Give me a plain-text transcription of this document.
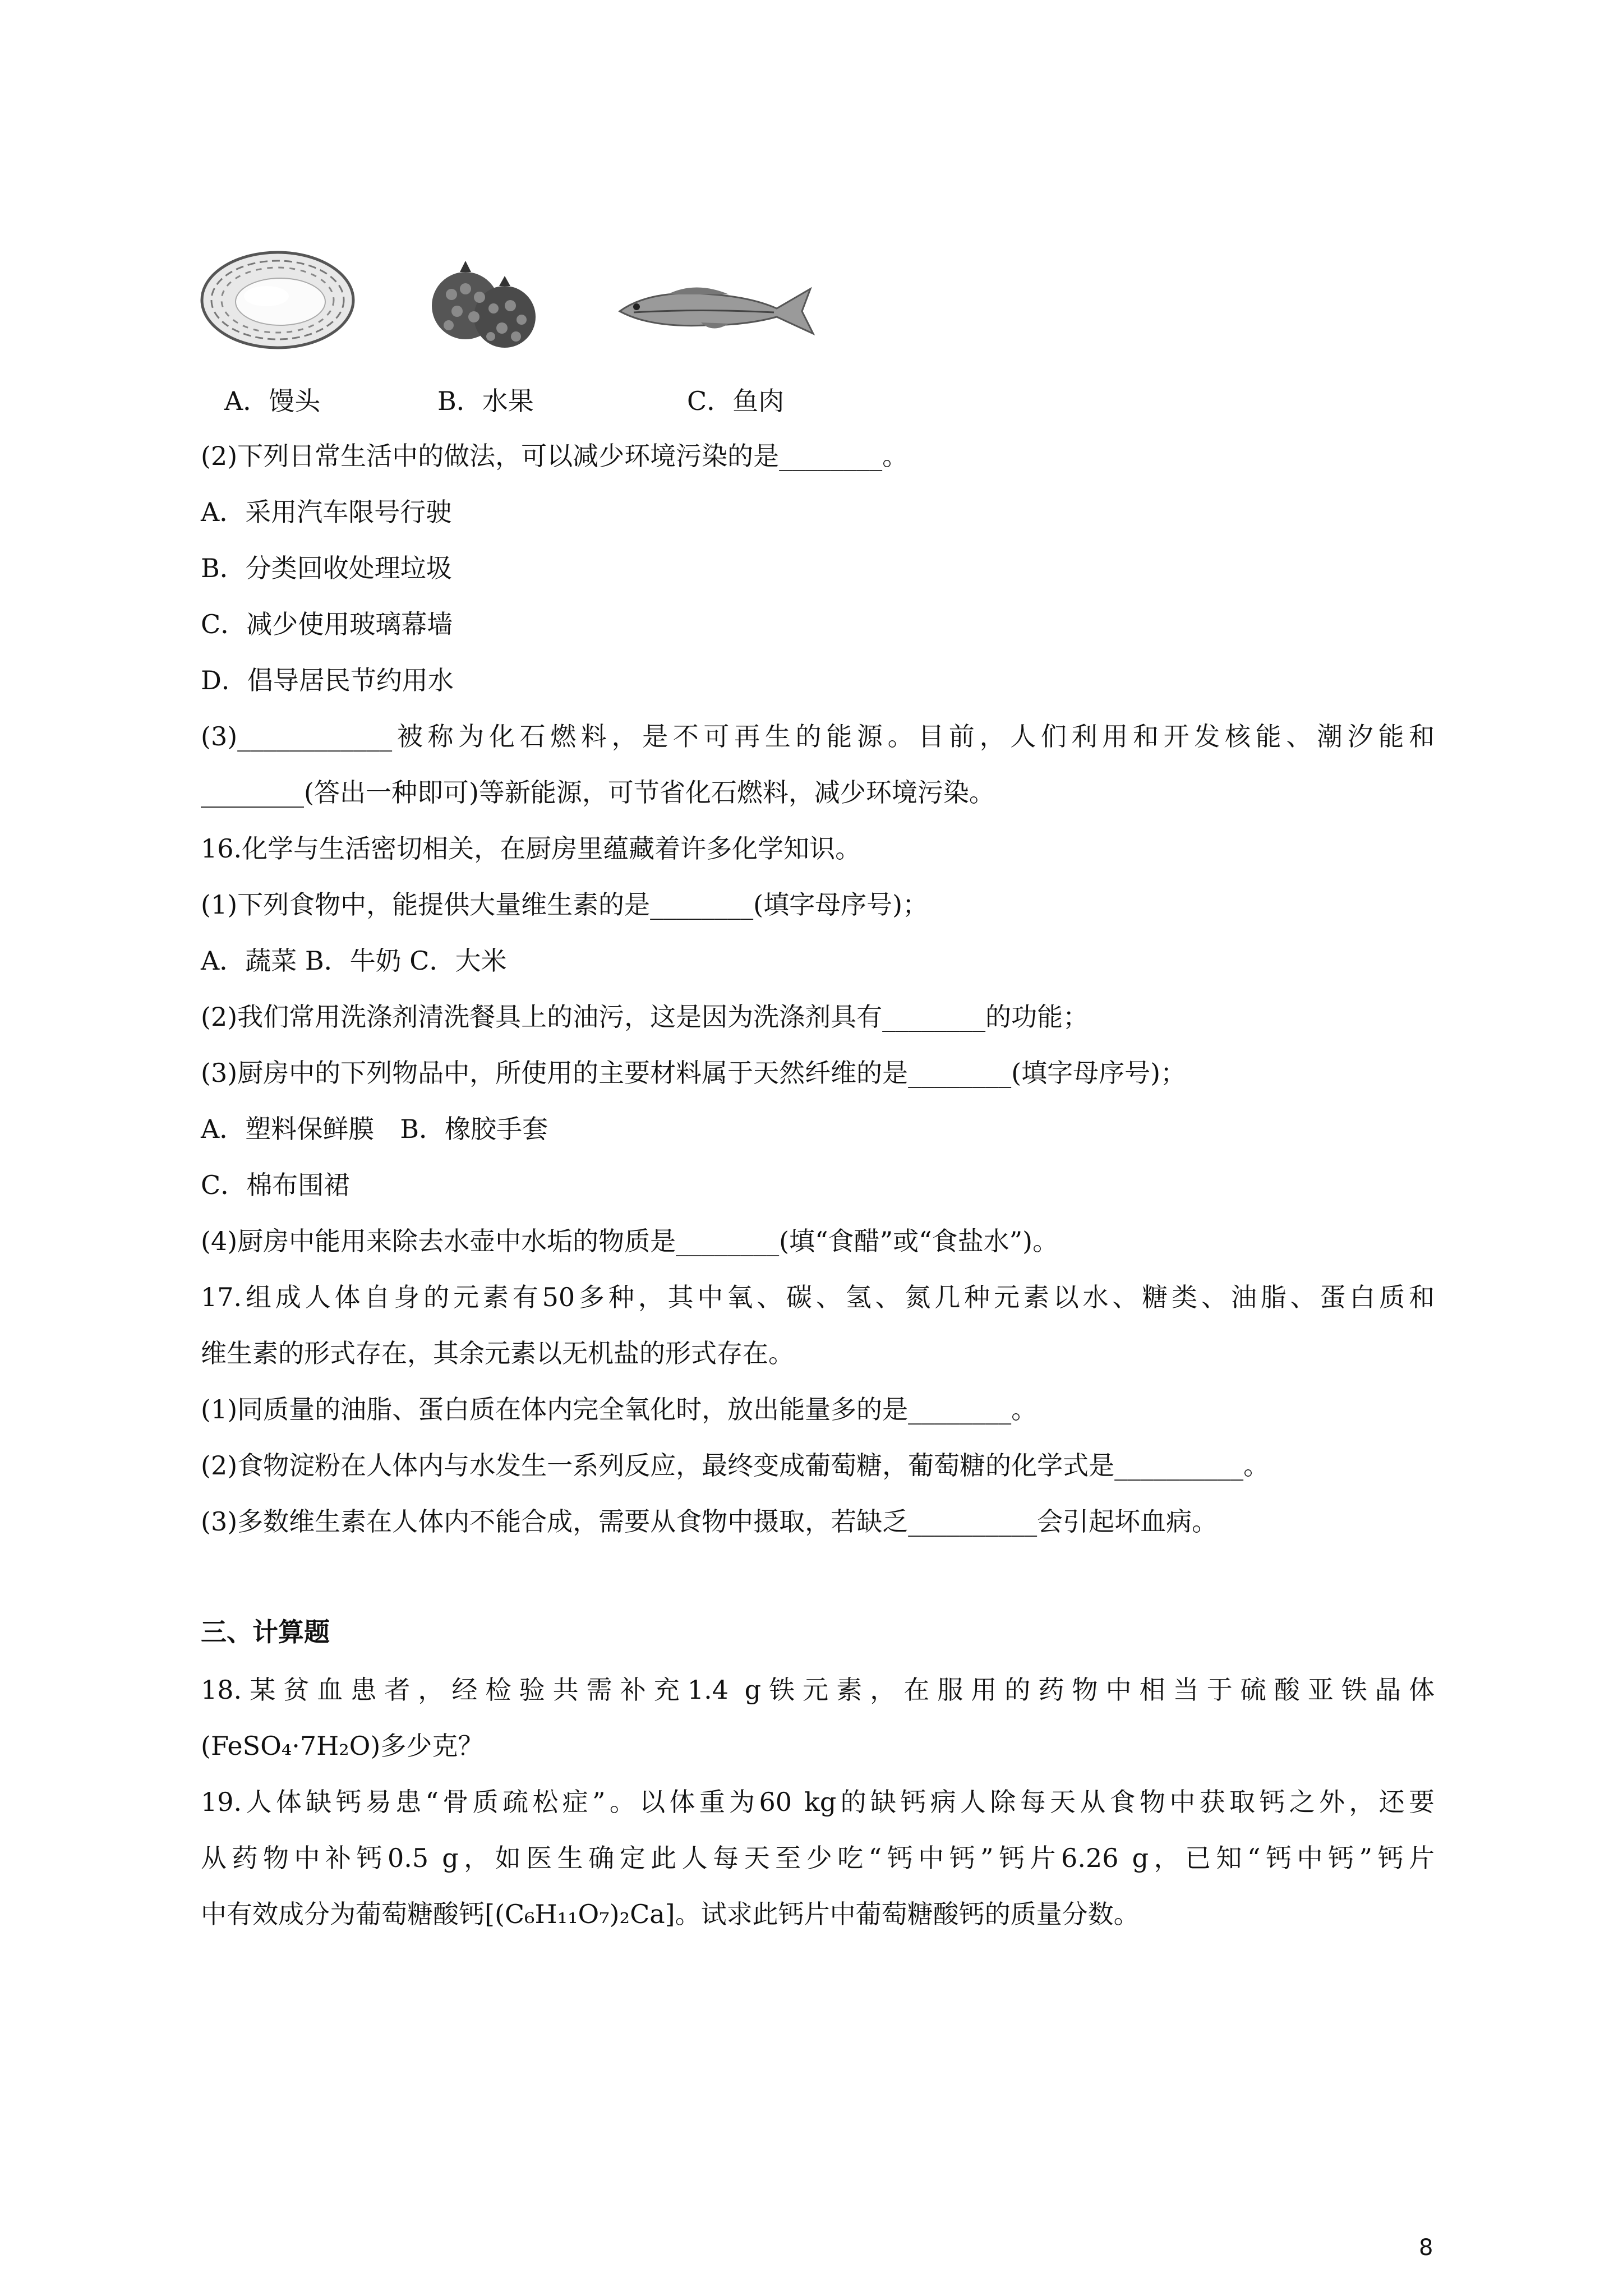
A．馒头	B．水果	C．鱼肉
(2)下列日常生活中的做法，可以减少环境污染的是________。
A．采用汽车限号行驶
B．分类回收处理垃圾
C．减少使用玻璃幕墙
D．倡导居民节约用水
(3)____________被称为化石燃料，是不可再生的能源。目前，人们利用和开发核能、潮汐能和
________(答出一种即可)等新能源，可节省化石燃料，减少环境污染。
16.化学与生活密切相关，在厨房里蕴藏着许多化学知识。
(1)下列食物中，能提供大量维生素的是________(填字母序号)；
A．蔬菜 B．牛奶 C．大米
(2)我们常用洗涤剂清洗餐具上的油污，这是因为洗涤剂具有________的功能；
(3)厨房中的下列物品中，所使用的主要材料属于天然纤维的是________(填字母序号)；
A．塑料保鲜膜　B．橡胶手套
C．棉布围裙
(4)厨房中能用来除去水壶中水垢的物质是________(填“食醋”或“食盐水”)。
17.组成人体自身的元素有50多种，其中氧、碳、氢、氮几种元素以水、糖类、油脂、蛋白质和
维生素的形式存在，其余元素以无机盐的形式存在。
(1)同质量的油脂、蛋白质在体内完全氧化时，放出能量多的是________。
(2)食物淀粉在人体内与水发生一系列反应，最终变成葡萄糖，葡萄糖的化学式是__________。
(3)多数维生素在人体内不能合成，需要从食物中摄取，若缺乏__________会引起坏血病。
三、计算题
18.某贫血患者，经检验共需补充1.4 g铁元素，在服用的药物中相当于硫酸亚铁晶体
(FeSO₄·7H₂O)多少克？
19.人体缺钙易患“骨质疏松症”。以体重为60 kg的缺钙病人除每天从食物中获取钙之外，还要
从药物中补钙0.5 g，如医生确定此人每天至少吃“钙中钙”钙片6.26 g，已知“钙中钙”钙片
中有效成分为葡萄糖酸钙[(C₆H₁₁O₇)₂Ca]。试求此钙片中葡萄糖酸钙的质量分数。
8
